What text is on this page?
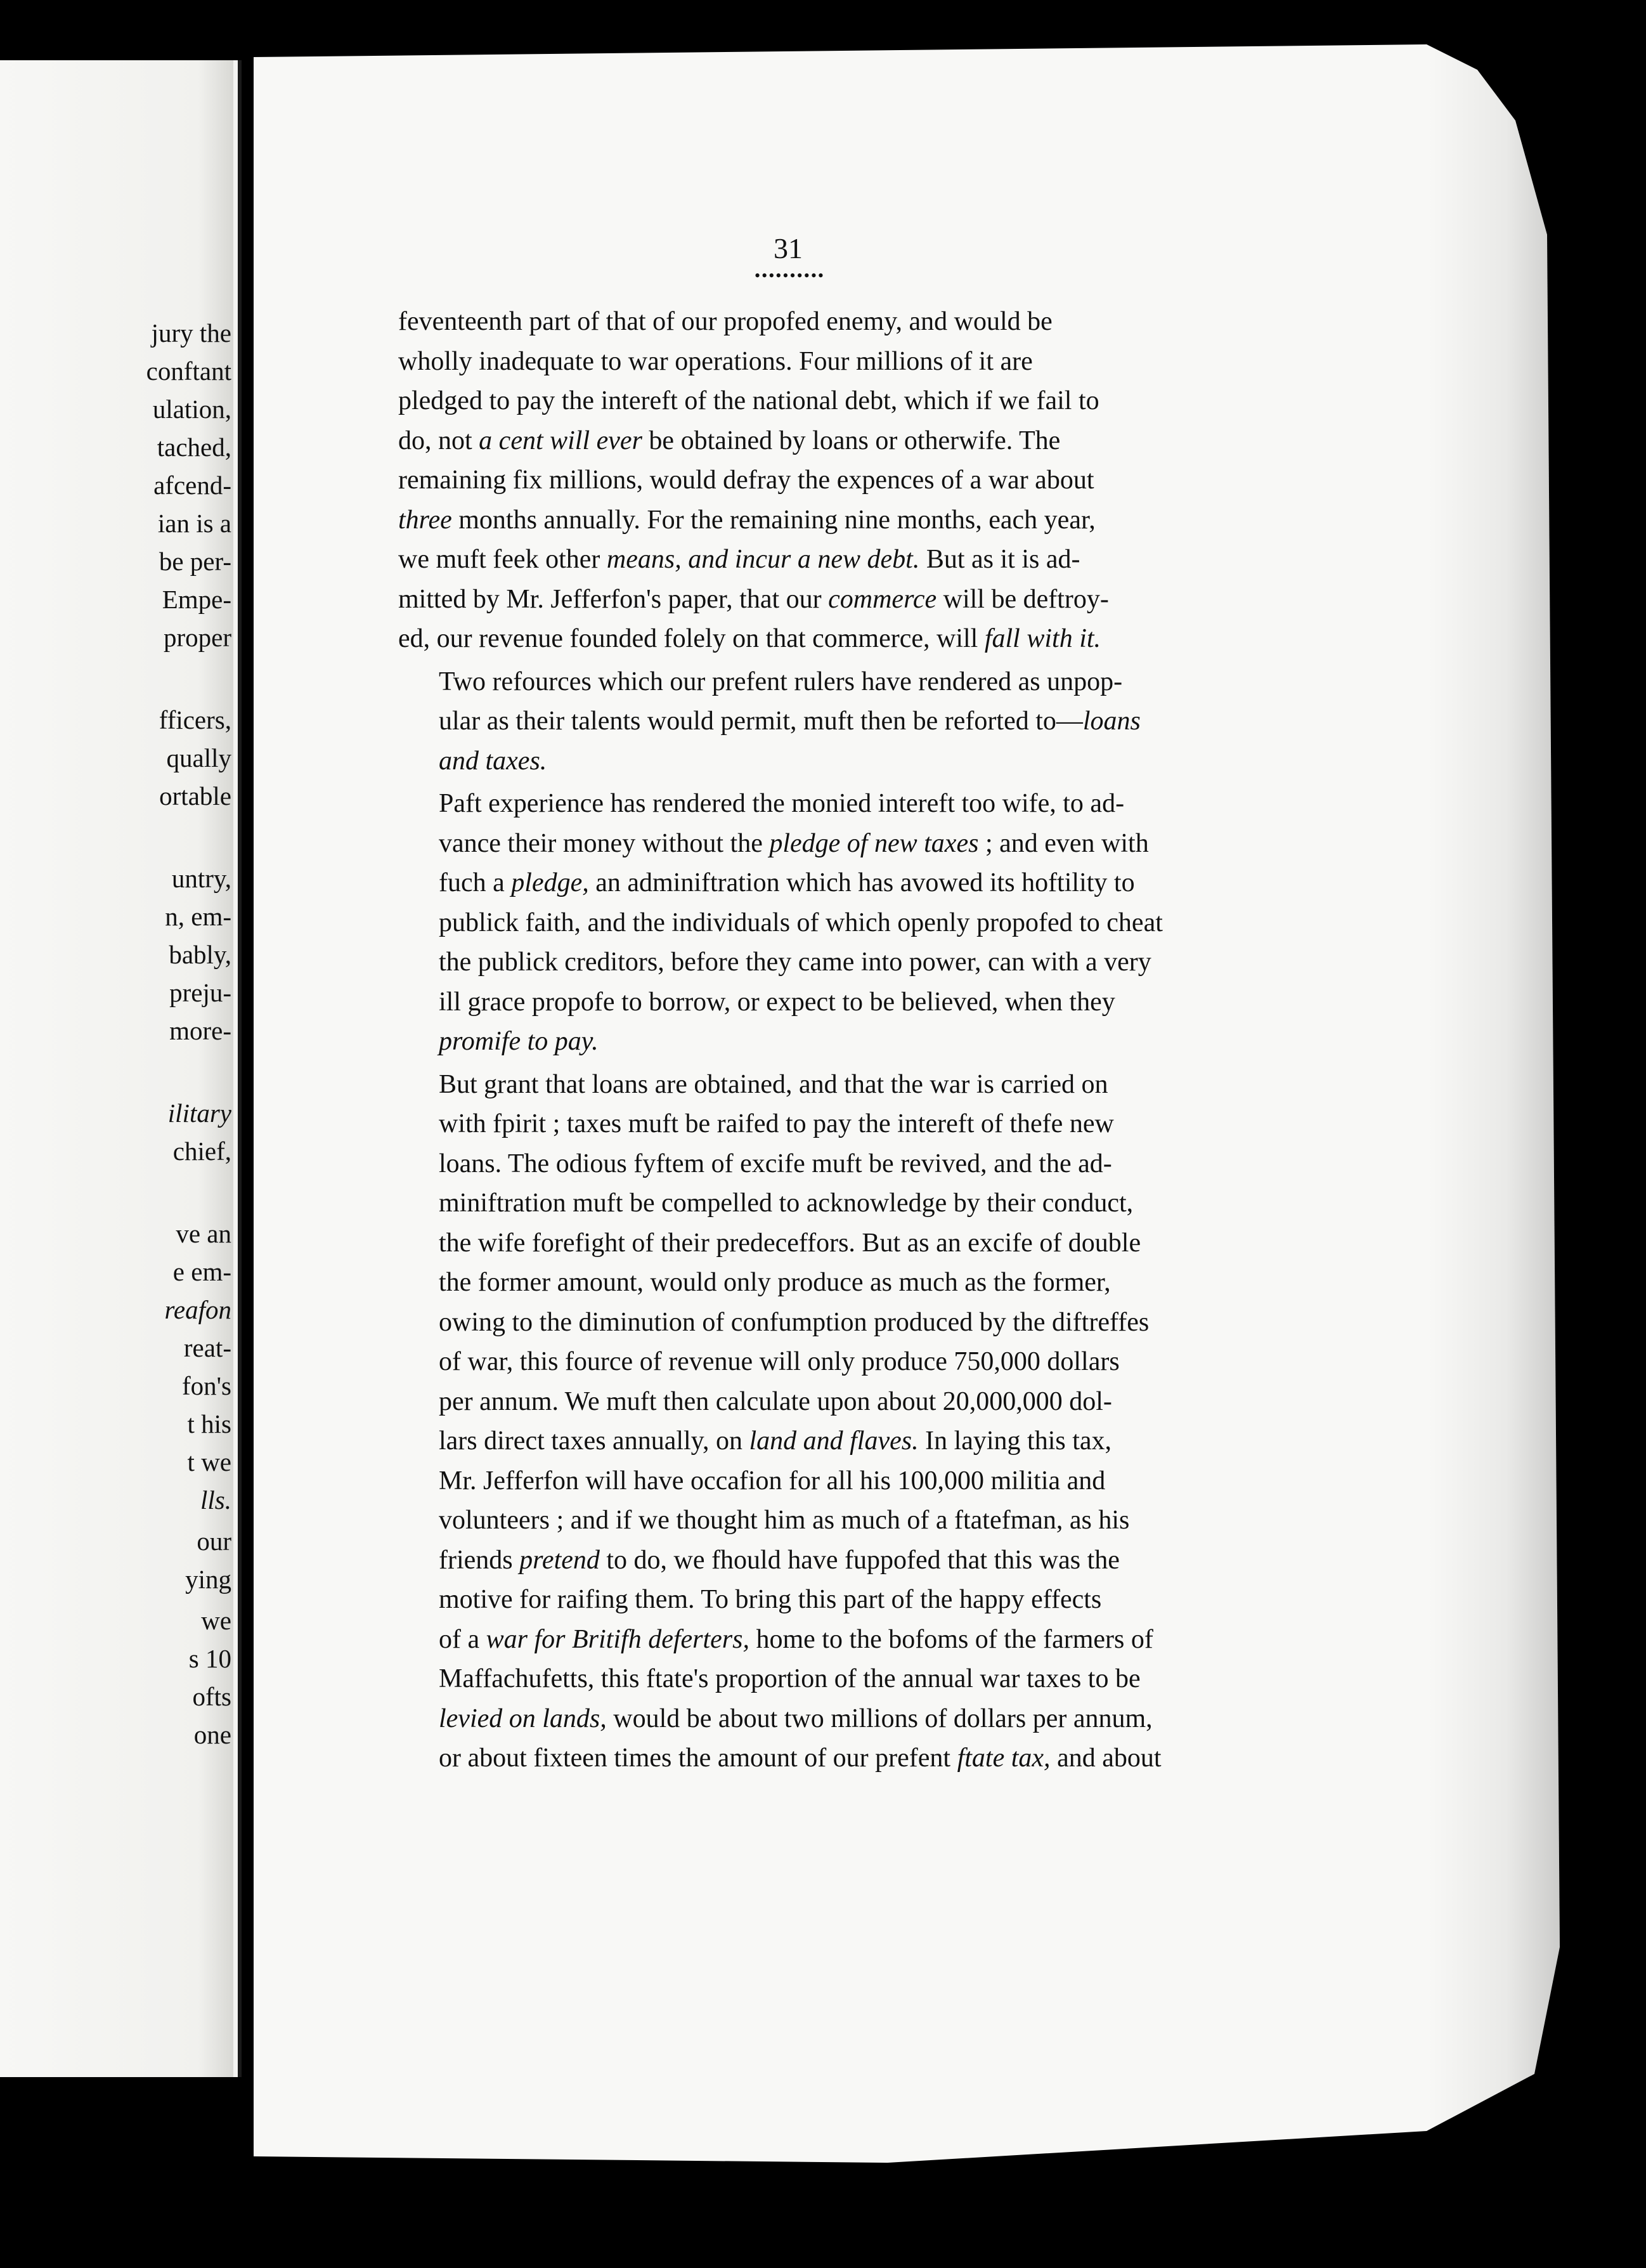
jury the
conftant
ulation,
tached,
afcend-
ian is a
be per-
Empe-
proper
fficers,
qually
ortable
untry,
n, em-
bably,
preju-
more-
ilitary
chief,
ve an
e em-
reafon
reat-
fon's
t his
t we
lls.
our
ying
we
s 10
ofts
one
31
••••••••••

feventeenth part of that of our propofed enemy, and would be
wholly inadequate to war operations. Four millions of it are
pledged to pay the intereft of the national debt, which if we fail to
do, not a cent will ever be obtained by loans or otherwife. The
remaining fix millions, would defray the expences of a war about
three months annually. For the remaining nine months, each year,
we muft feek other means, and incur a new debt. But as it is ad-
mitted by Mr. Jefferfon's paper, that our commerce will be deftroy-
ed, our revenue founded folely on that commerce, will fall with it.

Two refources which our prefent rulers have rendered as unpop-
ular as their talents would permit, muft then be reforted to—loans
and taxes.

Paft experience has rendered the monied intereft too wife, to ad-
vance their money without the pledge of new taxes ; and even with
fuch a pledge, an adminiftration which has avowed its hoftility to
publick faith, and the individuals of which openly propofed to cheat
the publick creditors, before they came into power, can with a very
ill grace propofe to borrow, or expect to be believed, when they
promife to pay.

But grant that loans are obtained, and that the war is carried on
with fpirit ; taxes muft be raifed to pay the intereft of thefe new
loans. The odious fyftem of excife muft be revived, and the ad-
miniftration muft be compelled to acknowledge by their conduct,
the wife forefight of their predeceffors. But as an excife of double
the former amount, would only produce as much as the former,
owing to the diminution of confumption produced by the diftreffes
of war, this fource of revenue will only produce 750,000 dollars
per annum. We muft then calculate upon about 20,000,000 dol-
lars direct taxes annually, on land and flaves. In laying this tax,
Mr. Jefferfon will have occafion for all his 100,000 militia and
volunteers ; and if we thought him as much of a ftatefman, as his
friends pretend to do, we fhould have fuppofed that this was the
motive for raifing them. To bring this part of the happy effects
of a war for Britifh deferters, home to the bofoms of the farmers of
Maffachufetts, this ftate's proportion of the annual war taxes to be
levied on lands, would be about two millions of dollars per annum,
or about fixteen times the amount of our prefent ftate tax, and about
